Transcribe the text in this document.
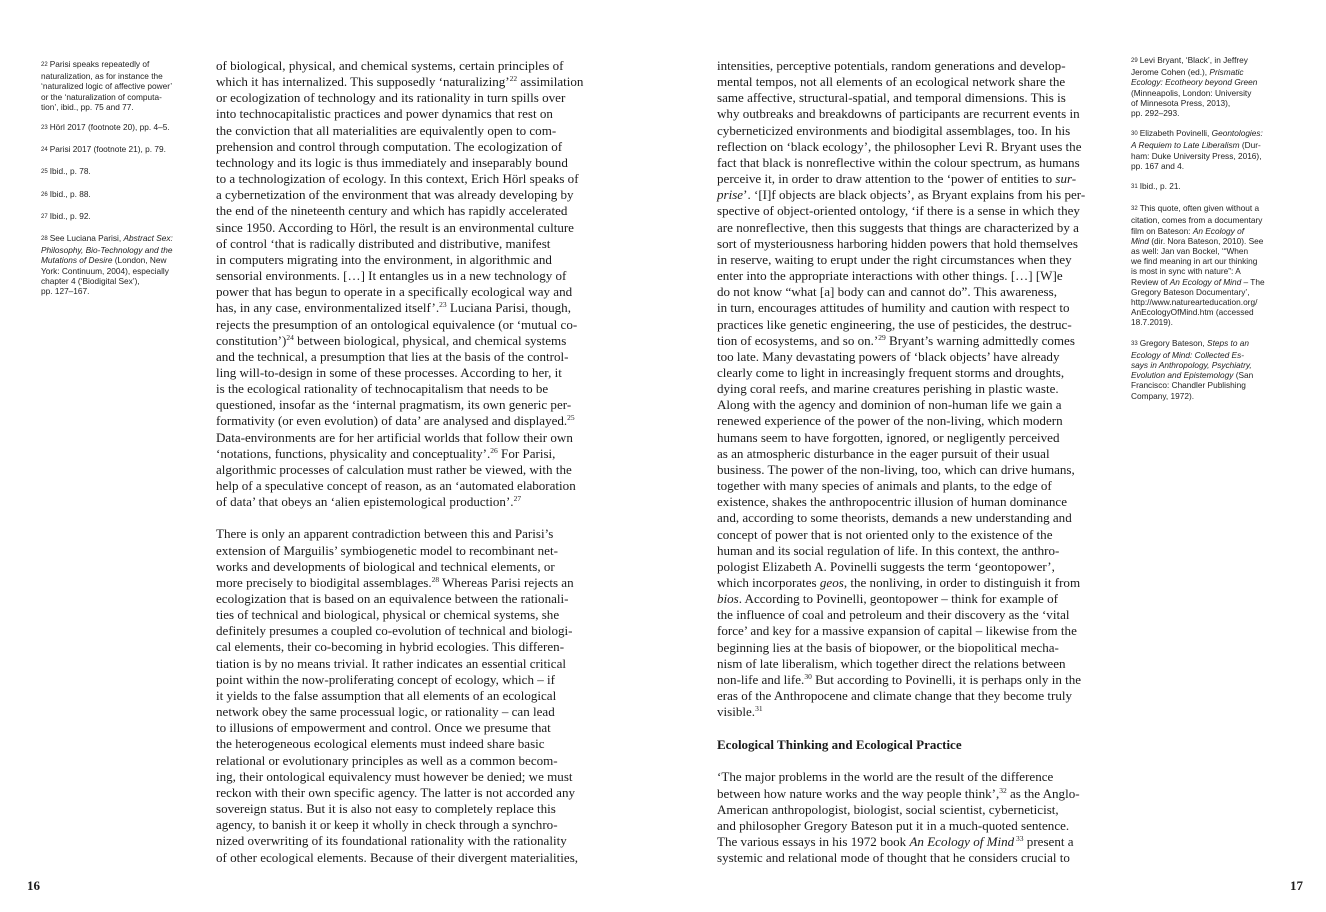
$^{22}$ Parisi speaks repeatedly of
naturalization, as for instance the
‘naturalized logic of affective power’
or the ‘naturalization of computa-
tion’, ibid., pp. 75 and 77.
$^{23}$ Hörl 2017 (footnote 20), pp. 4–5.
$^{24}$ Parisi 2017 (footnote 21), p. 79.
$^{25}$ Ibid., p. 78.
$^{26}$ Ibid., p. 88.
$^{27}$ Ibid., p. 92.
$^{28}$ See Luciana Parisi, Abstract Sex:
Philosophy, Bio-Technology and the
Mutations of Desire (London, New
York: Continuum, 2004), especially
chapter 4 (‘Biodigital Sex’),
pp. 127–167.

of biological, physical, and chemical systems, certain principles of
which it has internalized. This supposedly ‘naturalizing’$^{22}$ assimilation
or ecologization of technology and its rationality in turn spills over
into technocapitalistic practices and power dynamics that rest on
the conviction that all materialities are equivalently open to com-
prehension and control through computation. The ecologization of
technology and its logic is thus immediately and inseparably bound
to a technologization of ecology. In this context, Erich Hörl speaks of
a cybernetization of the environment that was already developing by
the end of the nineteenth century and which has rapidly accelerated
since 1950. According to Hörl, the result is an environmental culture
of control ‘that is radically distributed and distributive, manifest
in computers migrating into the environment, in algorithmic and
sensorial environments. […] It entangles us in a new technology of
power that has begun to operate in a specifically ecological way and
has, in any case, environmentalized itself’.$^{23}$ Luciana Parisi, though,
rejects the presumption of an ontological equivalence (or ‘mutual co-
constitution’)$^{24}$ between biological, physical, and chemical systems
and the technical, a presumption that lies at the basis of the control-
ling will-to-design in some of these processes. According to her, it
is the ecological rationality of technocapitalism that needs to be
questioned, insofar as the ‘internal pragmatism, its own generic per-
formativity (or even evolution) of data’ are analysed and displayed.$^{25}$
Data-environments are for her artificial worlds that follow their own
‘notations, functions, physicality and conceptuality’.$^{26}$ For Parisi,
algorithmic processes of calculation must rather be viewed, with the
help of a speculative concept of reason, as an ‘automated elaboration
of data’ that obeys an ‘alien epistemological production’.$^{27}$

There is only an apparent contradiction between this and Parisi’s
extension of Marguilis’ symbiogenetic model to recombinant net-
works and developments of biological and technical elements, or
more precisely to biodigital assemblages.$^{28}$ Whereas Parisi rejects an
ecologization that is based on an equivalence between the rationali-
ties of technical and biological, physical or chemical systems, she
definitely presumes a coupled co-evolution of technical and biologi-
cal elements, their co-becoming in hybrid ecologies. This differen-
tiation is by no means trivial. It rather indicates an essential critical
point within the now-proliferating concept of ecology, which – if
it yields to the false assumption that all elements of an ecological
network obey the same processual logic, or rationality – can lead
to illusions of empowerment and control. Once we presume that
the heterogeneous ecological elements must indeed share basic
relational or evolutionary principles as well as a common becom-
ing, their ontological equivalency must however be denied; we must
reckon with their own specific agency. The latter is not accorded any
sovereign status. But it is also not easy to completely replace this
agency, to banish it or keep it wholly in check through a synchro-
nized overwriting of its foundational rationality with the rationality
of other ecological elements. Because of their divergent materialities,

16

intensities, perceptive potentials, random generations and develop-
mental tempos, not all elements of an ecological network share the
same affective, structural-spatial, and temporal dimensions. This is
why outbreaks and breakdowns of participants are recurrent events in
cyberneticized environments and biodigital assemblages, too. In his
reflection on ‘black ecology’, the philosopher Levi R. Bryant uses the
fact that black is nonreflective within the colour spectrum, as humans
perceive it, in order to draw attention to the ‘power of entities to sur-
prise’. ‘[I]f objects are black objects’, as Bryant explains from his per-
spective of object-oriented ontology, ‘if there is a sense in which they
are nonreflective, then this suggests that things are characterized by a
sort of mysteriousness harboring hidden powers that hold themselves
in reserve, waiting to erupt under the right circumstances when they
enter into the appropriate interactions with other things. […] [W]e
do not know “what [a] body can and cannot do”. This awareness,
in turn, encourages attitudes of humility and caution with respect to
practices like genetic engineering, the use of pesticides, the destruc-
tion of ecosystems, and so on.’$^{29}$ Bryant’s warning admittedly comes
too late. Many devastating powers of ‘black objects’ have already
clearly come to light in increasingly frequent storms and droughts,
dying coral reefs, and marine creatures perishing in plastic waste.
Along with the agency and dominion of non-human life we gain a
renewed experience of the power of the non-living, which modern
humans seem to have forgotten, ignored, or negligently perceived
as an atmospheric disturbance in the eager pursuit of their usual
business. The power of the non-living, too, which can drive humans,
together with many species of animals and plants, to the edge of
existence, shakes the anthropocentric illusion of human dominance
and, according to some theorists, demands a new understanding and
concept of power that is not oriented only to the existence of the
human and its social regulation of life. In this context, the anthro-
pologist Elizabeth A. Povinelli suggests the term ‘geontopower’,
which incorporates geos, the nonliving, in order to distinguish it from
bios. According to Povinelli, geontopower – think for example of
the influence of coal and petroleum and their discovery as the ‘vital
force’ and key for a massive expansion of capital – likewise from the
beginning lies at the basis of biopower, or the biopolitical mecha-
nism of late liberalism, which together direct the relations between
non-life and life.$^{30}$ But according to Povinelli, it is perhaps only in the
eras of the Anthropocene and climate change that they become truly
visible.$^{31}$

Ecological Thinking and Ecological Practice

‘The major problems in the world are the result of the difference
between how nature works and the way people think’,$^{32}$ as the Anglo-
American anthropologist, biologist, social scientist, cyberneticist,
and philosopher Gregory Bateson put it in a much-quoted sentence.
The various essays in his 1972 book An Ecology of Mind $^{33}$ present a
systemic and relational mode of thought that he considers crucial to

$^{29}$ Levi Bryant, ‘Black’, in Jeffrey
Jerome Cohen (ed.), Prismatic
Ecology: Ecotheory beyond Green
(Minneapolis, London: University
of Minnesota Press, 2013),
pp. 292–293.
$^{30}$ Elizabeth Povinelli, Geontologies:
A Requiem to Late Liberalism (Dur-
ham: Duke University Press, 2016),
pp. 167 and 4.
$^{31}$ Ibid., p. 21.
$^{32}$ This quote, often given without a
citation, comes from a documentary
film on Bateson: An Ecology of
Mind (dir. Nora Bateson, 2010). See
as well: Jan van Bockel, ‘“When
we find meaning in art our thinking
is most in sync with nature”: A
Review of An Ecology of Mind – The
Gregory Bateson Documentary’,
http://www.naturearteducation.org/
AnEcologyOfMind.htm (accessed
18.7.2019).
$^{33}$ Gregory Bateson, Steps to an
Ecology of Mind: Collected Es-
says in Anthropology, Psychiatry,
Evolution and Epistemology (San
Francisco: Chandler Publishing
Company, 1972).
17
